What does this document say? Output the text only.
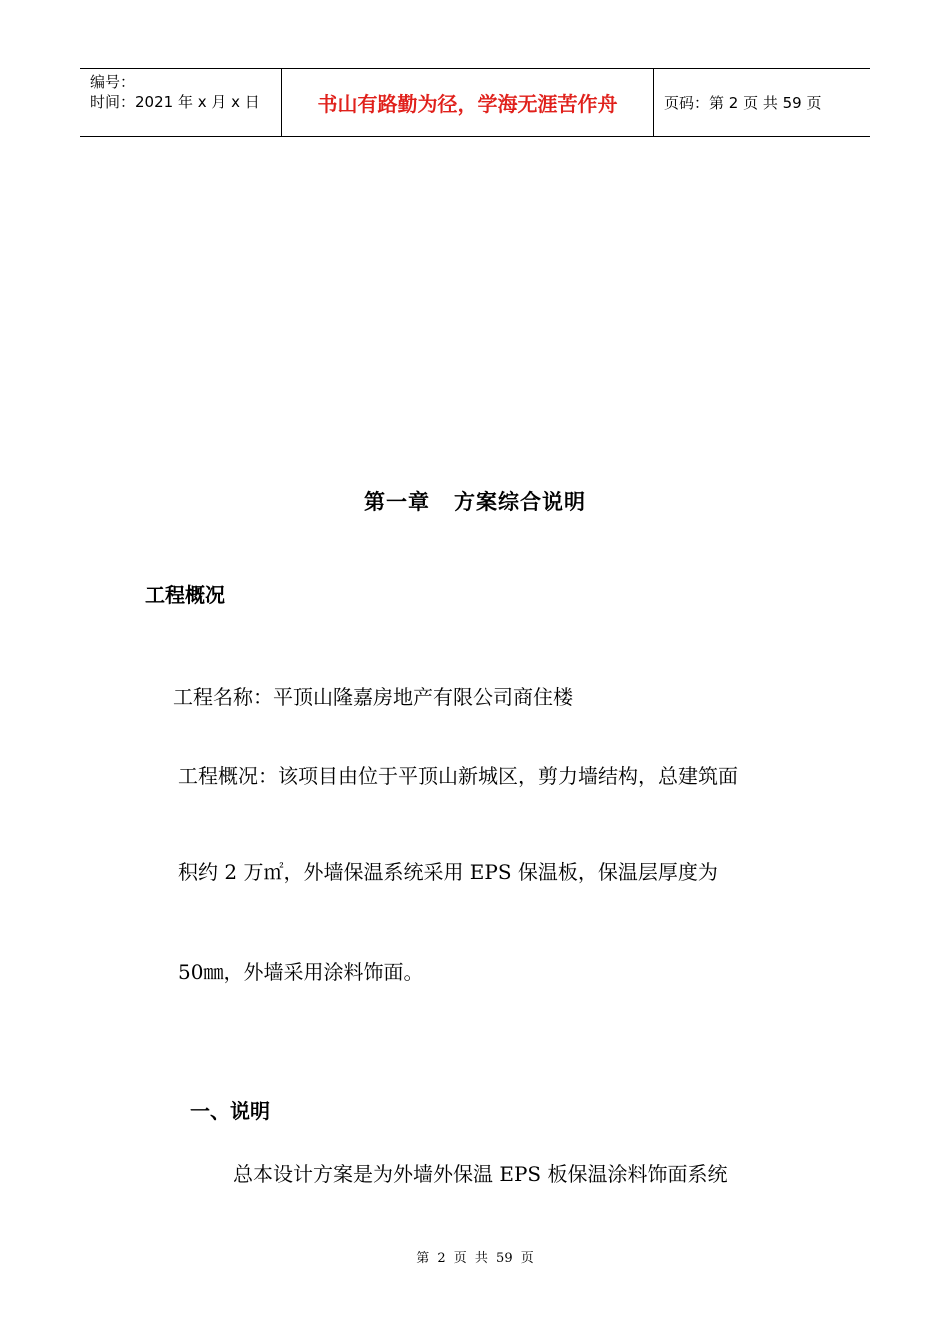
编号：
时间：2021 年 x 月 x 日	书山有路勤为径，学海无涯苦作舟	页码：第 2 页 共 59 页
第一章 方案综合说明
工程概况
工程名称：平顶山隆嘉房地产有限公司商住楼
工程概况：该项目由位于平顶山新城区，剪力墙结构，总建筑面
积约 2 万㎡，外墙保温系统采用 EPS 保温板，保温层厚度为
50㎜，外墙采用涂料饰面。
一、说明
总本设计方案是为外墙外保温 EPS 板保温涂料饰面系统
第 2 页 共 59 页
